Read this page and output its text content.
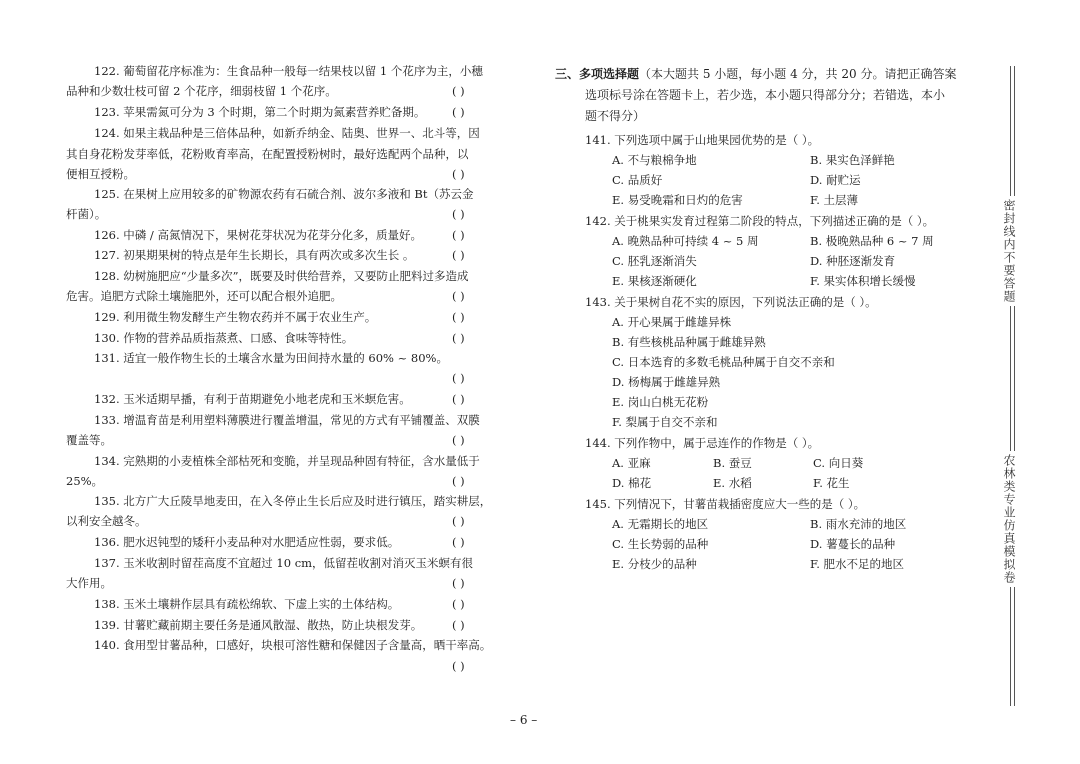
122. 葡萄留花序标准为：生食品种一般每一结果枝以留 1 个花序为主，小穗
品种和少数壮枝可留 2 个花序，细弱枝留 1 个花序。	( )
123. 苹果需氮可分为 3 个时期，第二个时期为氮素营养贮备期。 ( )
124. 如果主栽品种是三倍体品种，如新乔纳金、陆奥、世界一、北斗等，因
其自身花粉发芽率低，花粉败育率高，在配置授粉树时，最好选配两个品种，以
便相互授粉。	( )
125. 在果树上应用较多的矿物源农药有石硫合剂、波尔多液和 Bt（苏云金
杆菌）。	( )
126. 中磷 / 高氮情况下，果树花芽状况为花芽分化多，质量好。	( )
127. 初果期果树的特点是年生长期长，具有两次或多次生长 。	( )
128. 幼树施肥应“少量多次”，既要及时供给营养，又要防止肥料过多造成
危害。追肥方式除土壤施肥外，还可以配合根外追肥。	( )
129. 利用微生物发酵生产生物农药并不属于农业生产。	( )
130. 作物的营养品质指蒸煮、口感、食味等特性。	( )
131. 适宜一般作物生长的土壤含水量为田间持水量的 60% ~ 80%。
( )
132. 玉米适期早播，有利于苗期避免小地老虎和玉米螟危害。	( )
133. 增温育苗是利用塑料薄膜进行覆盖增温，常见的方式有平铺覆盖、双膜
覆盖等。	( )
134. 完熟期的小麦植株全部枯死和变脆，并呈现品种固有特征，含水量低于
25%。	( )
135. 北方广大丘陵旱地麦田，在入冬停止生长后应及时进行镇压，踏实耕层，
以利安全越冬。	( )
136. 肥水迟钝型的矮秆小麦品种对水肥适应性弱，要求低。	( )
137. 玉米收割时留茬高度不宜超过 10 cm，低留茬收割对消灭玉米螟有很
大作用。	( )
138. 玉米土壤耕作层具有疏松绵软、下虚上实的土体结构。	( )
139. 甘薯贮藏前期主要任务是通风散湿、散热，防止块根发芽。	( )
140. 食用型甘薯品种，口感好，块根可溶性糖和保健因子含量高，晒干率高。
( )
三、多项选择题（本大题共 5 小题，每小题 4 分，共 20 分。请把正确答案
选项标号涂在答题卡上，若少选，本小题只得部分分；若错选，本小
题不得分）
141. 下列选项中属于山地果园优势的是（ ）。
A. 不与粮棉争地	B. 果实色泽鲜艳
C. 品质好	D. 耐贮运
E. 易受晚霜和日灼的危害	F. 土层薄
142. 关于桃果实发育过程第二阶段的特点，下列描述正确的是（ ）。
A. 晚熟品种可持续 4 ~ 5 周	B. 极晚熟品种 6 ~ 7 周
C. 胚乳逐渐消失	D. 种胚逐渐发育
E. 果核逐渐硬化	F. 果实体积增长缓慢
143. 关于果树自花不实的原因，下列说法正确的是（ ）。
A. 开心果属于雌雄异株
B. 有些核桃品种属于雌雄异熟
C. 日本选育的多数毛桃品种属于自交不亲和
D. 杨梅属于雌雄异熟
E. 岗山白桃无花粉
F. 梨属于自交不亲和
144. 下列作物中，属于忌连作的作物是（ ）。
A. 亚麻	B. 蚕豆	C. 向日葵
D. 棉花	E. 水稻	F. 花生
145. 下列情况下，甘薯苗栽插密度应大一些的是（ ）。
A. 无霜期长的地区	B. 雨水充沛的地区
C. 生长势弱的品种	D. 薯蔓长的品种
E. 分枝少的品种	F. 肥水不足的地区
– 6 –
密封线内不要答题
农林类专业仿真模拟卷
